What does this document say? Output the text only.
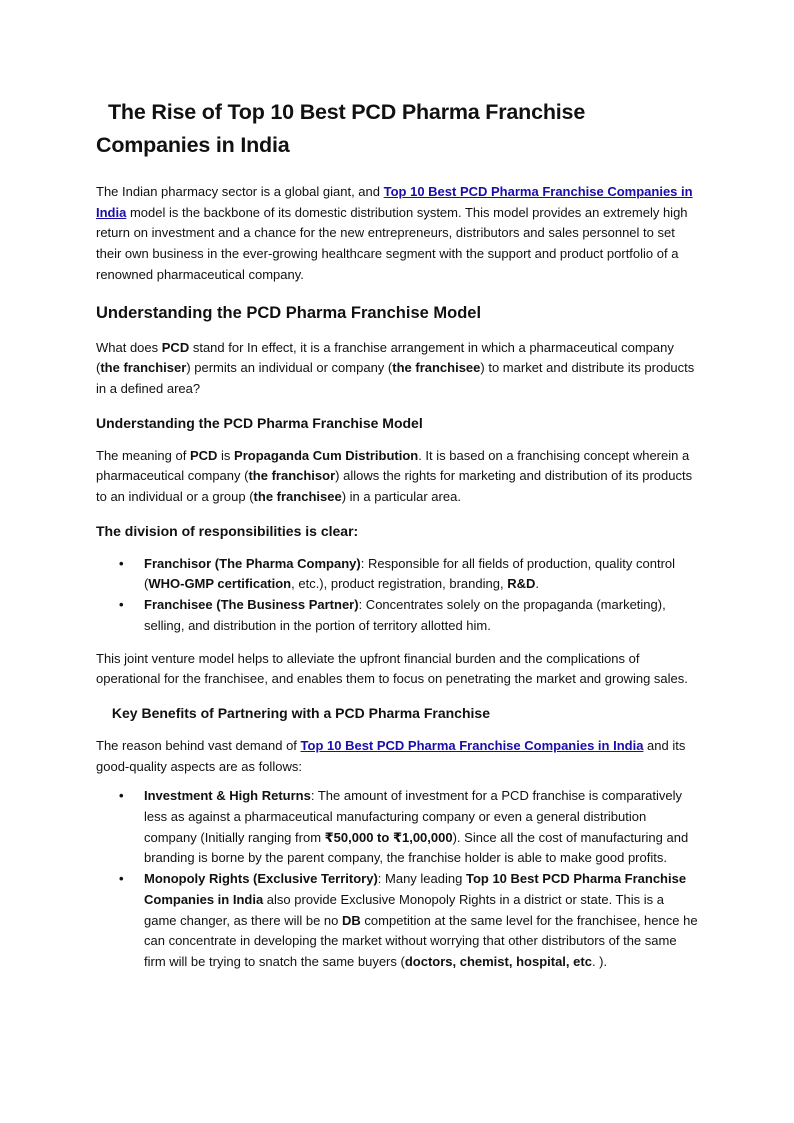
The Rise of Top 10 Best PCD Pharma Franchise Companies in India

The Indian pharmacy sector is a global giant, and Top 10 Best PCD Pharma Franchise Companies in India model is the backbone of its domestic distribution system. This model provides an extremely high return on investment and a chance for the new entrepreneurs, distributors and sales personnel to set their own business in the ever-growing healthcare segment with the support and product portfolio of a renowned pharmaceutical company.

Understanding the PCD Pharma Franchise Model

What does PCD stand for In effect, it is a franchise arrangement in which a pharmaceutical company (the franchiser) permits an individual or company (the franchisee) to market and distribute its products in a defined area?

Understanding the PCD Pharma Franchise Model

The meaning of PCD is Propaganda Cum Distribution. It is based on a franchising concept wherein a pharmaceutical company (the franchisor) allows the rights for marketing and distribution of its products to an individual or a group (the franchisee) in a particular area.

The division of responsibilities is clear:
• Franchisor (The Pharma Company): Responsible for all fields of production, quality control (WHO-GMP certification, etc.), product registration, branding, R&D.
• Franchisee (The Business Partner): Concentrates solely on the propaganda (marketing), selling, and distribution in the portion of territory allotted him.

This joint venture model helps to alleviate the upfront financial burden and the complications of operational for the franchisee, and enables them to focus on penetrating the market and growing sales.

Key Benefits of Partnering with a PCD Pharma Franchise

The reason behind vast demand of Top 10 Best PCD Pharma Franchise Companies in India and its good-quality aspects are as follows:

• Investment & High Returns: The amount of investment for a PCD franchise is comparatively less as against a pharmaceutical manufacturing company or even a general distribution company (Initially ranging from ₹50,000 to ₹1,00,000). Since all the cost of manufacturing and branding is borne by the parent company, the franchise holder is able to make good profits.
• Monopoly Rights (Exclusive Territory): Many leading Top 10 Best PCD Pharma Franchise Companies in India also provide Exclusive Monopoly Rights in a district or state. This is a game changer, as there will be no DB competition at the same level for the franchisee, hence he can concentrate in developing the market without worrying that other distributors of the same firm will be trying to snatch the same buyers (doctors, chemist, hospital, etc. ).
